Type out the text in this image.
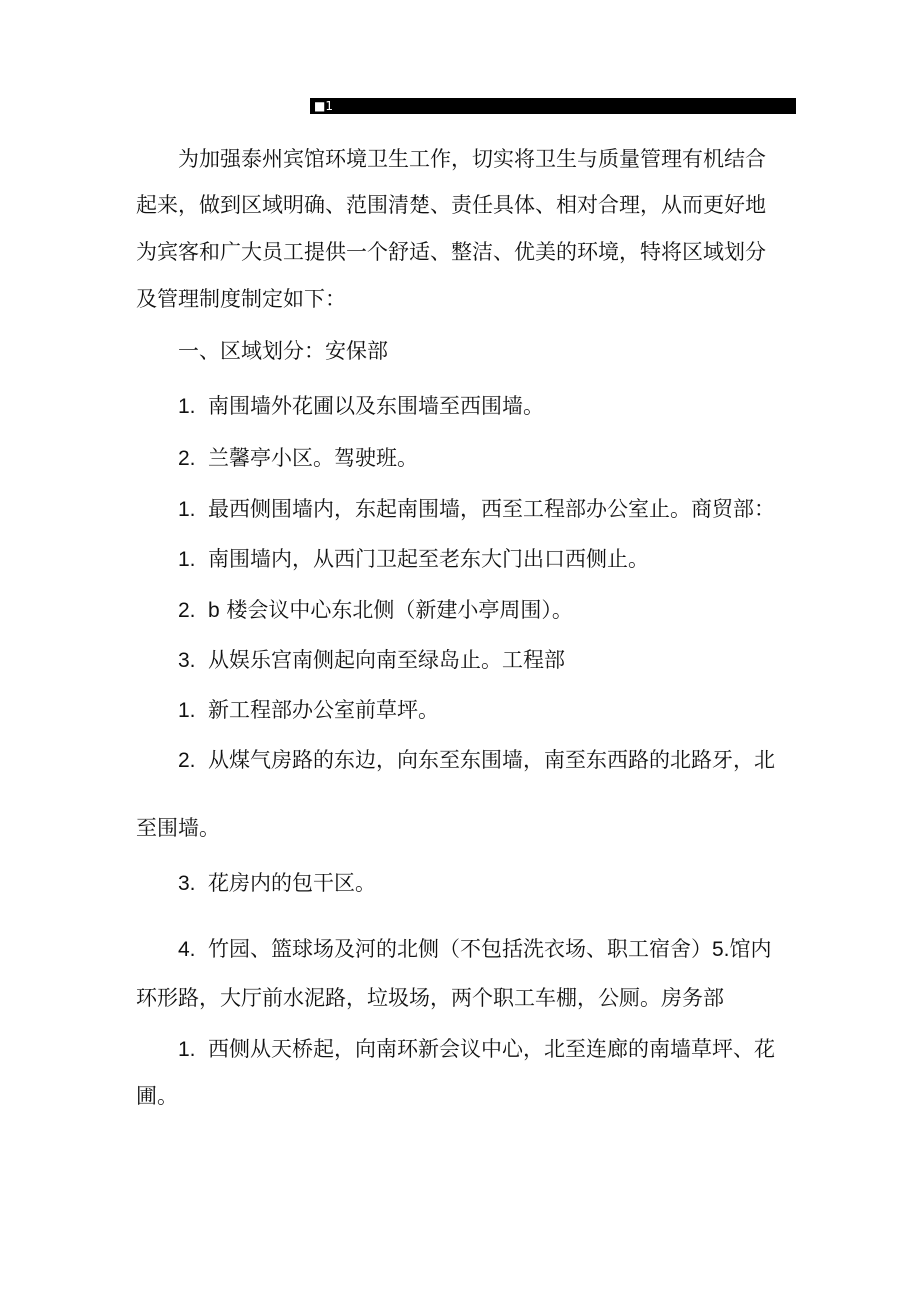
■1
为加强泰州宾馆环境卫生工作，切实将卫生与质量管理有机结合
起来，做到区域明确、范围清楚、责任具体、相对合理，从而更好地
为宾客和广大员工提供一个舒适、整洁、优美的环境，特将区域划分
及管理制度制定如下：
一、区域划分：安保部
1. 南围墙外花圃以及东围墙至西围墙。
2. 兰馨亭小区。驾驶班。
1. 最西侧围墙内，东起南围墙，西至工程部办公室止。商贸部：
1. 南围墙内，从西门卫起至老东大门出口西侧止。
2. b 楼会议中心东北侧（新建小亭周围）。
3. 从娱乐宫南侧起向南至绿岛止。工程部
1. 新工程部办公室前草坪。
2. 从煤气房路的东边，向东至东围墙，南至东西路的北路牙，北
至围墙。
3. 花房内的包干区。
4. 竹园、篮球场及河的北侧（不包括洗衣场、职工宿舍）5.馆内
环形路，大厅前水泥路，垃圾场，两个职工车棚，公厕。房务部
1. 西侧从天桥起，向南环新会议中心，北至连廊的南墙草坪、花
圃。
